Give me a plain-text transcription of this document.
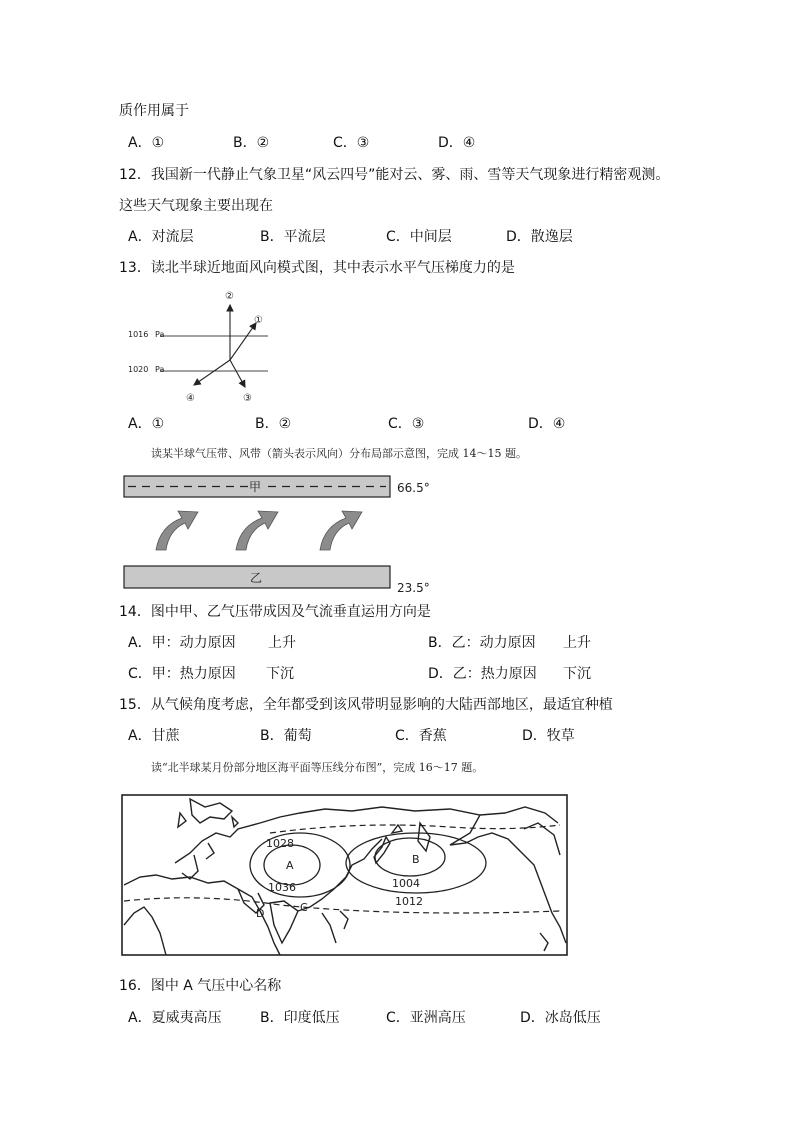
质作用属于
A．①	B．②	C．③	D．④
12．我国新一代静止气象卫星“风云四号”能对云、雾、雨、雪等天气现象进行精密观测。
这些天气现象主要出现在
A．对流层	B．平流层	C．中间层	D．散逸层
13．读北半球近地面风向模式图，其中表示水平气压梯度力的是
1016 Pa
1020 Pa
②
①
③
④
A．①	B．②	C．③	D．④
读某半球气压带、风带（箭头表示风向）分布局部示意图，完成 14～15 题。
甲	66.5°
乙
23.5°
14．图中甲、乙气压带成因及气流垂直运用方向是
A．甲：动力原因 上升	B．乙：动力原因 上升
C．甲：热力原因 下沉	D．乙：热力原因 下沉
15．从气候角度考虑，全年都受到该风带明显影响的大陆西部地区，最适宜种植
A．甘蔗	B．葡萄	C．香蕉	D．牧草
读“北半球某月份部分地区海平面等压线分布图”，完成 16～17 题。
A	B
C
D
1028
1036	1004
1012
16．图中 A 气压中心名称
A．夏威夷高压	B．印度低压	C．亚洲高压	D．冰岛低压
